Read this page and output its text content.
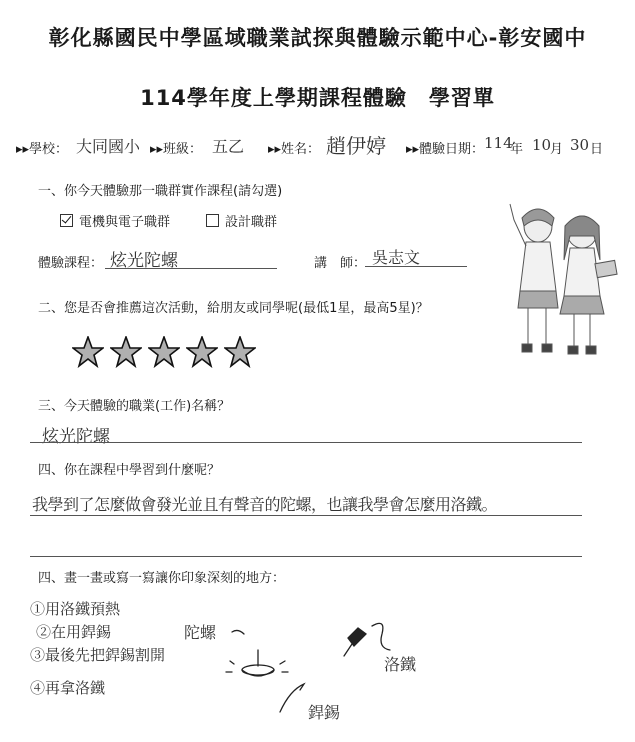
彰化縣國民中學區域職業試探與體驗示範中心-彰安國中
114學年度上學期課程體驗　學習單
▸▸學校： 大同國小 ▸▸班級： 五乙 ▸▸姓名： 趙伊婷 ▸▸體驗日期： 114
年 10
月 30 日
一、你今天體驗那一職群實作課程(請勾選)
電機與電子職群	設計職群
體驗課程： 炫光陀螺	講　師： 吳志文
二、您是否會推薦這次活動，給朋友或同學呢(最低1星，最高5星)？
三、今天體驗的職業(工作)名稱？
炫光陀螺
四、你在課程中學習到什麼呢？
我學到了怎麼做會發光並且有聲音的陀螺，也讓我學會怎麼用洛鐵。
四、畫一畫或寫一寫讓你印象深刻的地方：
①用洛鐵預熱
②在用銲錫
③最後先把銲錫割開
④再拿洛鐵
陀螺
洛鐵
銲錫
